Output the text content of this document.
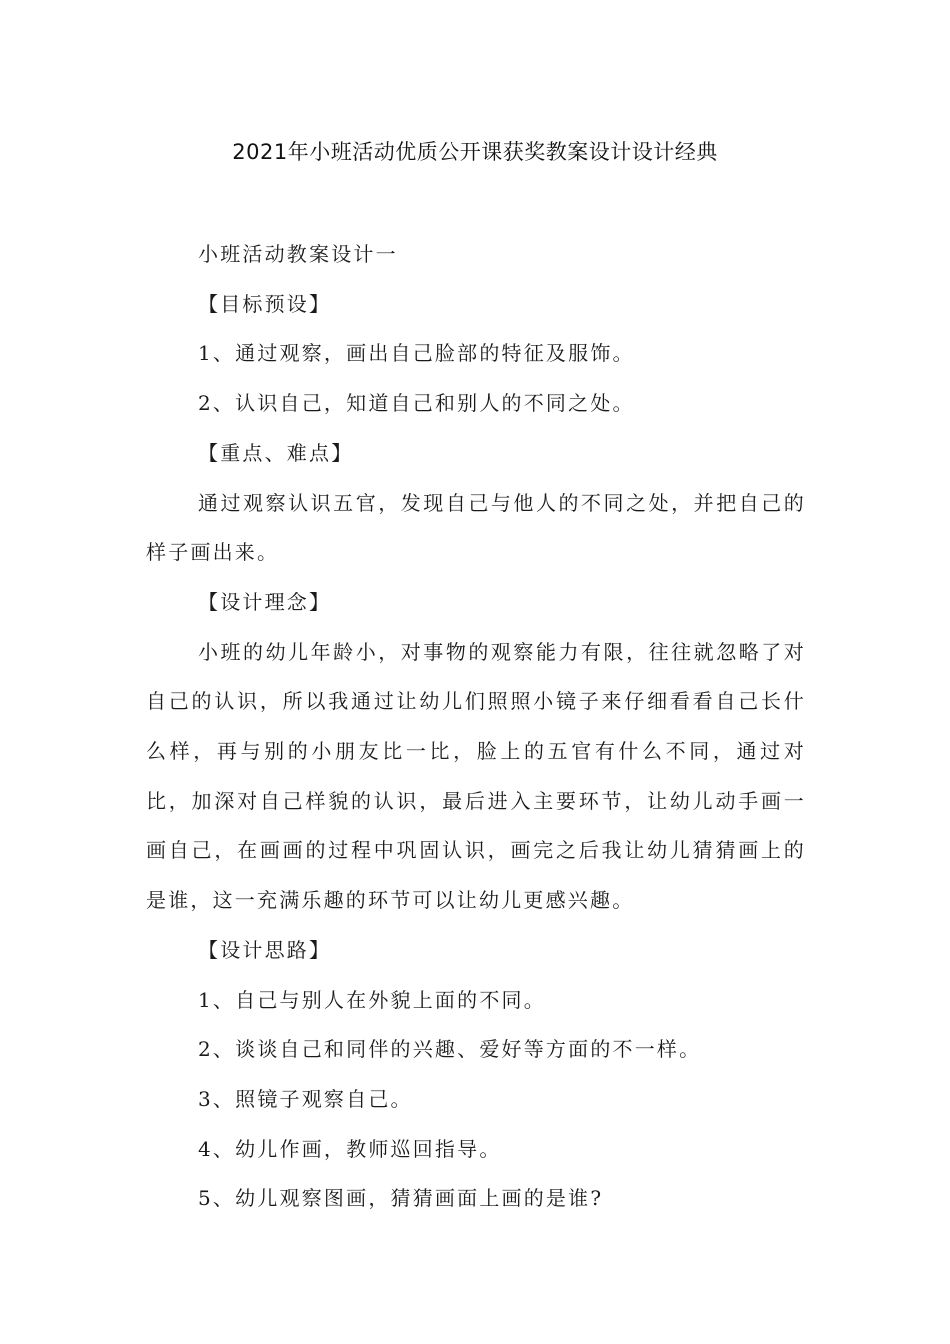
2021年小班活动优质公开课获奖教案设计设计经典

小班活动教案设计一

【目标预设】

1、通过观察，画出自己脸部的特征及服饰。

2、认识自己，知道自己和别人的不同之处。

【重点、难点】

通过观察认识五官，发现自己与他人的不同之处，并把自己的样子画出来。

【设计理念】

小班的幼儿年龄小，对事物的观察能力有限，往往就忽略了对自己的认识，所以我通过让幼儿们照照小镜子来仔细看看自己长什么样，再与别的小朋友比一比，脸上的五官有什么不同，通过对比，加深对自己样貌的认识，最后进入主要环节，让幼儿动手画一画自己，在画画的过程中巩固认识，画完之后我让幼儿猜猜画上的是谁，这一充满乐趣的环节可以让幼儿更感兴趣。

【设计思路】

1、自己与别人在外貌上面的不同。

2、谈谈自己和同伴的兴趣、爱好等方面的不一样。

3、照镜子观察自己。

4、幼儿作画，教师巡回指导。

5、幼儿观察图画，猜猜画面上画的是谁?
